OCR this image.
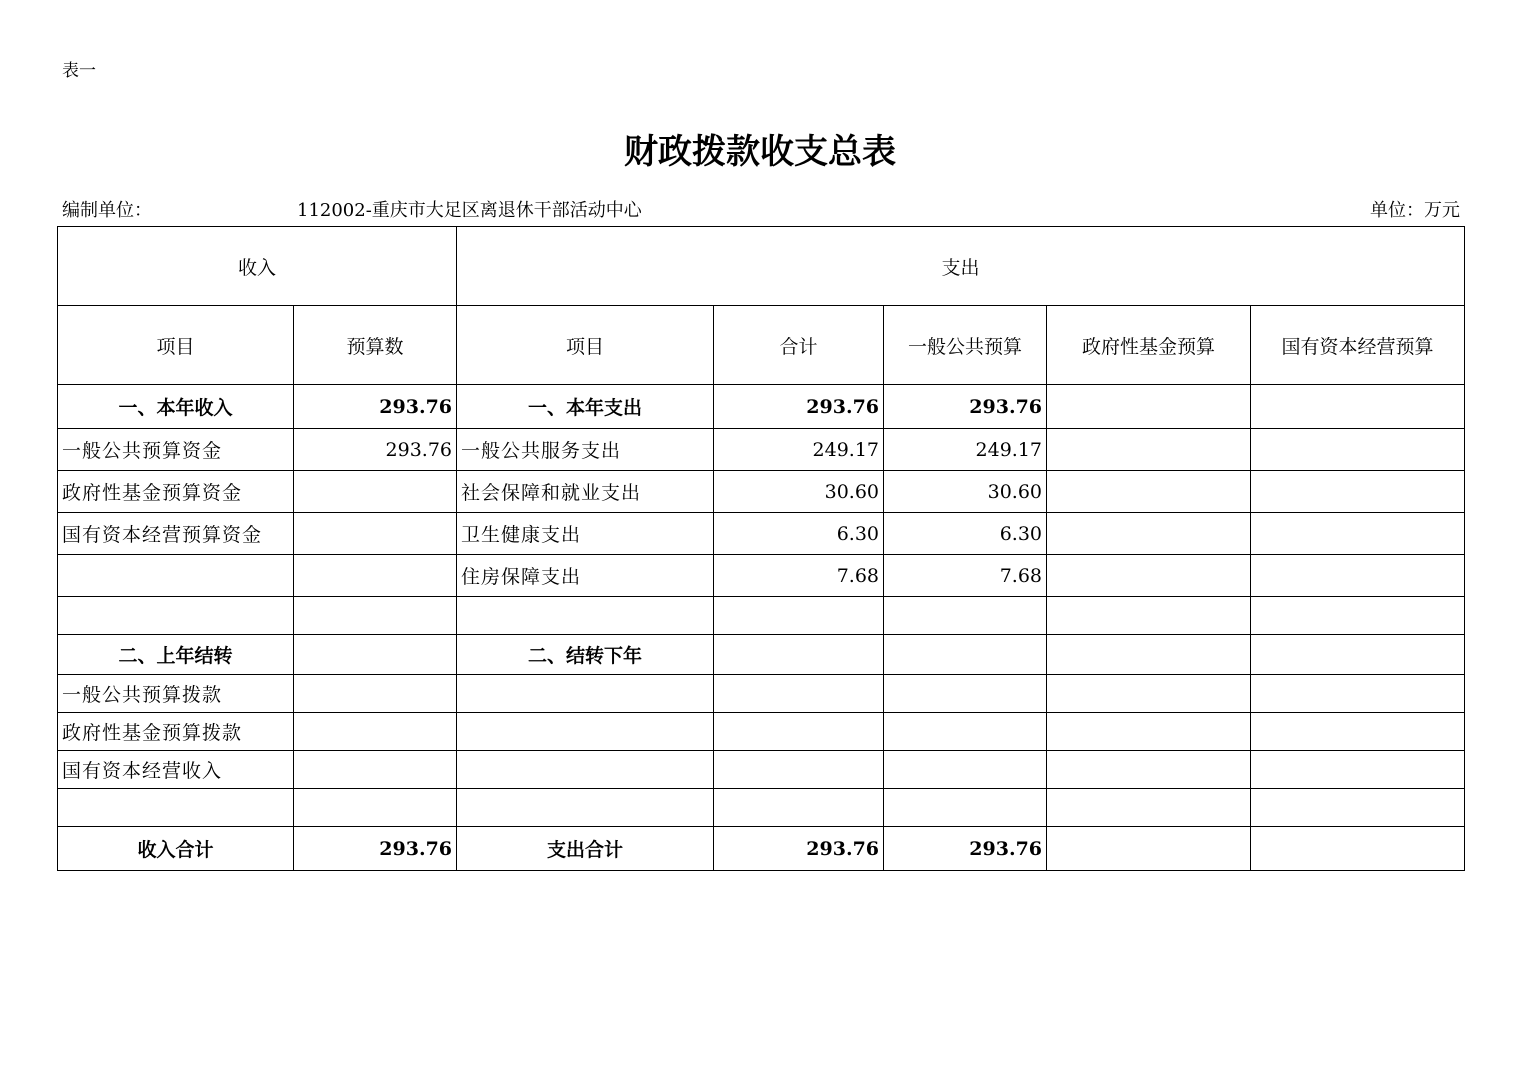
表一
财政拨款收支总表
编制单位：	112002-重庆市大足区离退休干部活动中心	单位：万元
收入		支出				
项目	预算数	项目	合计	一般公共预算	政府性基金预算	国有资本经营预算
一、本年收入	293.76	一、本年支出	293.76	293.76		
一般公共预算资金	293.76	一般公共服务支出	249.17	249.17		
政府性基金预算资金		社会保障和就业支出	30.60	30.60		
国有资本经营预算资金		卫生健康支出	6.30	6.30		
		住房保障支出	7.68	7.68		

二、上年结转		二、结转下年				
一般公共预算拨款						
政府性基金预算拨款						
国有资本经营收入						

收入合计	293.76	支出合计	293.76	293.76		
